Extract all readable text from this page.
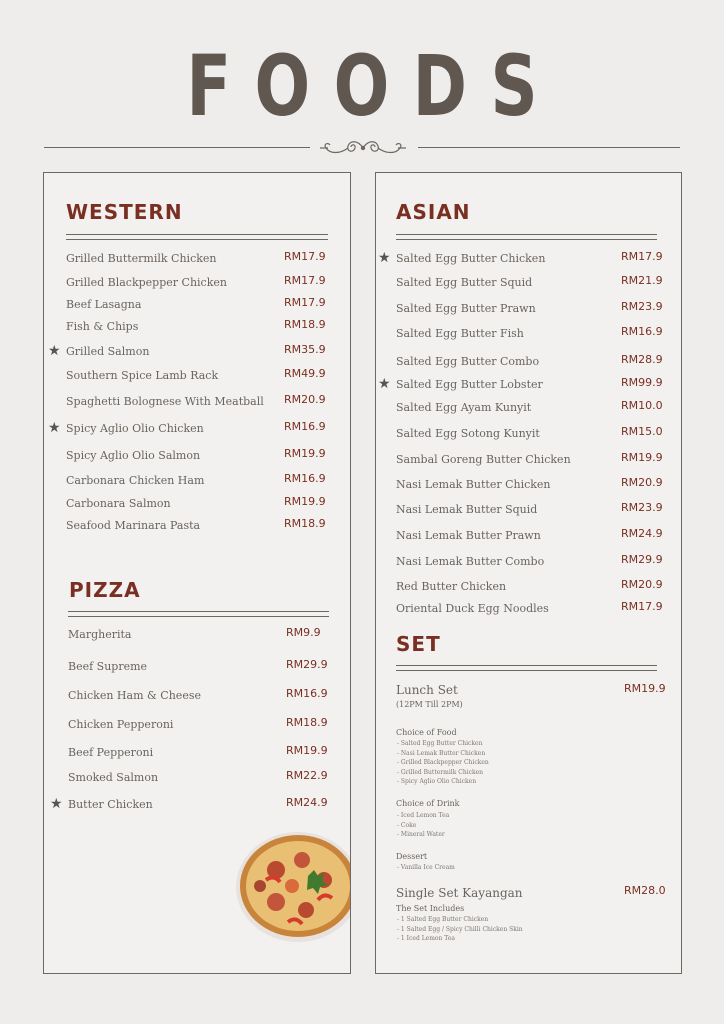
FOODS
WESTERN
Grilled Buttermilk Chicken	RM17.9
Grilled Blackpepper Chicken	RM17.9
Beef Lasagna	RM17.9
Fish & Chips	RM18.9
★ Grilled Salmon	RM35.9
Southern Spice Lamb Rack	RM49.9
Spaghetti Bolognese With Meatball RM20.9
★ Spicy Aglio Olio Chicken	RM16.9
Spicy Aglio Olio Salmon	RM19.9
Carbonara Chicken Ham	RM16.9
Carbonara Salmon	RM19.9
Seafood Marinara Pasta	RM18.9
PIZZA
Margherita	RM9.9
Beef Supreme	RM29.9
Chicken Ham & Cheese	RM16.9
Chicken Pepperoni	RM18.9
Beef Pepperoni	RM19.9
Smoked Salmon	RM22.9
★ Butter Chicken	RM24.9
ASIAN
★ Salted Egg Butter Chicken	RM17.9
Salted Egg Butter Squid	RM21.9
Salted Egg Butter Prawn	RM23.9
Salted Egg Butter Fish	RM16.9
Salted Egg Butter Combo	RM28.9
★ Salted Egg Butter Lobster	RM99.9
Salted Egg Ayam Kunyit	RM10.0
Salted Egg Sotong Kunyit	RM15.0
Sambal Goreng Butter Chicken	RM19.9
Nasi Lemak Butter Chicken	RM20.9
Nasi Lemak Butter Squid	RM23.9
Nasi Lemak Butter Prawn	RM24.9
Nasi Lemak Butter Combo	RM29.9
Red Butter Chicken	RM20.9
Oriental Duck Egg Noodles	RM17.9
SET
Lunch Set	RM19.9
(12PM Till 2PM)
Choice of Food
- Salted Egg Butter Chicken
- Nasi Lemak Butter Chicken
- Grilled Blackpepper Chicken
- Grilled Buttermilk Chicken
- Spicy Aglio Olio Chicken
Choice of Drink
- Iced Lemon Tea
- Coke
- Mineral Water
Dessert
- Vanilla Ice Cream
Single Set Kayangan	RM28.0
The Set Includes
- 1 Salted Egg Butter Chicken
- 1 Salted Egg / Spicy Chilli Chicken Skin
- 1 Iced Lemon Tea
